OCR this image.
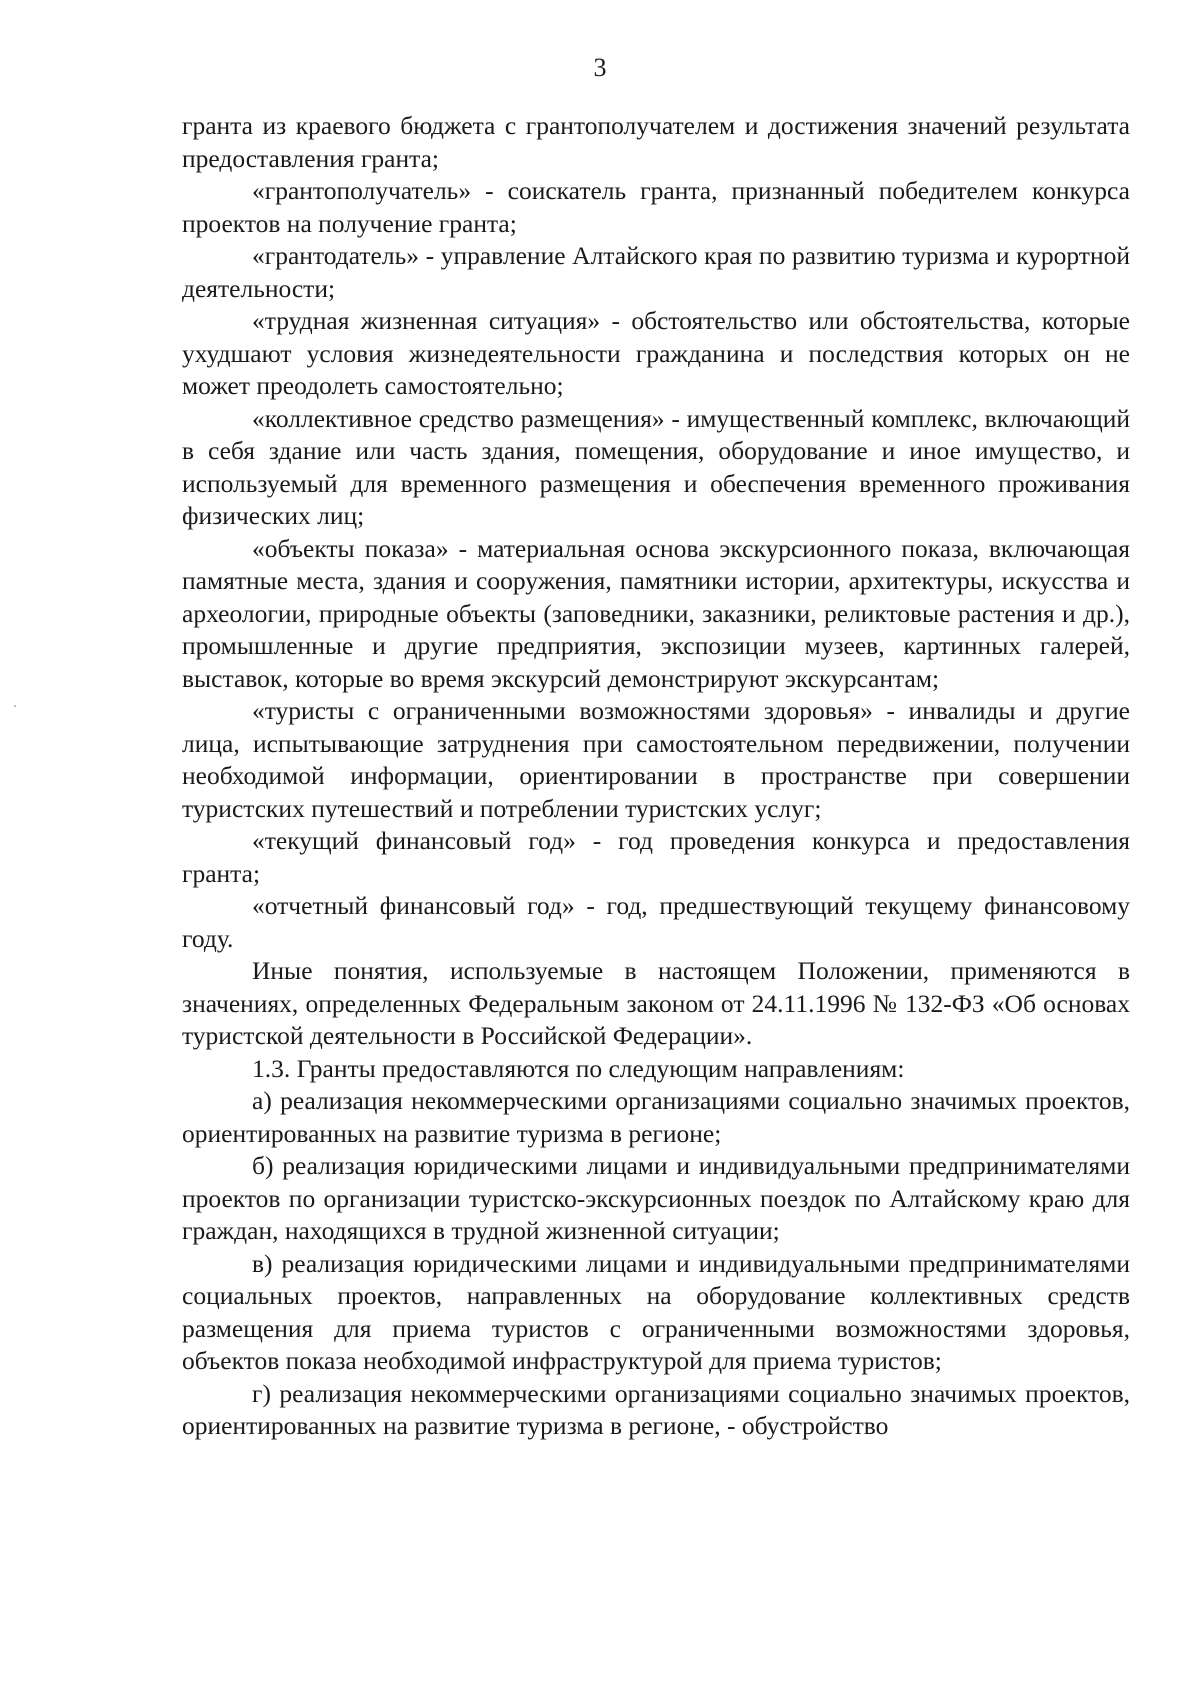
3

гранта из краевого бюджета с грантополучателем и достижения значений результата предоставления гранта;

«грантополучатель» - соискатель гранта, признанный победителем конкурса проектов на получение гранта;

«грантодатель» - управление Алтайского края по развитию туризма и курортной деятельности;

«трудная жизненная ситуация» - обстоятельство или обстоятельства, которые ухудшают условия жизнедеятельности гражданина и последствия которых он не может преодолеть самостоятельно;

«коллективное средство размещения» - имущественный комплекс, включающий в себя здание или часть здания, помещения, оборудование и иное имущество, и используемый для временного размещения и обеспечения временного проживания физических лиц;

«объекты показа» - материальная основа экскурсионного показа, включающая памятные места, здания и сооружения, памятники истории, архитектуры, искусства и археологии, природные объекты (заповедники, заказники, реликтовые растения и др.), промышленные и другие предприятия, экспозиции музеев, картинных галерей, выставок, которые во время экскурсий демонстрируют экскурсантам;

«туристы с ограниченными возможностями здоровья» - инвалиды и другие лица, испытывающие затруднения при самостоятельном передвижении, получении необходимой информации, ориентировании в пространстве при совершении туристских путешествий и потреблении туристских услуг;

«текущий финансовый год» - год проведения конкурса и предоставления гранта;

«отчетный финансовый год» - год, предшествующий текущему финансовому году.

Иные понятия, используемые в настоящем Положении, применяются в значениях, определенных Федеральным законом от 24.11.1996 № 132-ФЗ «Об основах туристской деятельности в Российской Федерации».

1.3. Гранты предоставляются по следующим направлениям:

а) реализация некоммерческими организациями социально значимых проектов, ориентированных на развитие туризма в регионе;

б) реализация юридическими лицами и индивидуальными предпринимателями проектов по организации туристско-экскурсионных поездок по Алтайскому краю для граждан, находящихся в трудной жизненной ситуации;

в) реализация юридическими лицами и индивидуальными предпринимателями социальных проектов, направленных на оборудование коллективных средств размещения для приема туристов с ограниченными возможностями здоровья, объектов показа необходимой инфраструктурой для приема туристов;

г) реализация некоммерческими организациями социально значимых проектов, ориентированных на развитие туризма в регионе, - обустройство
